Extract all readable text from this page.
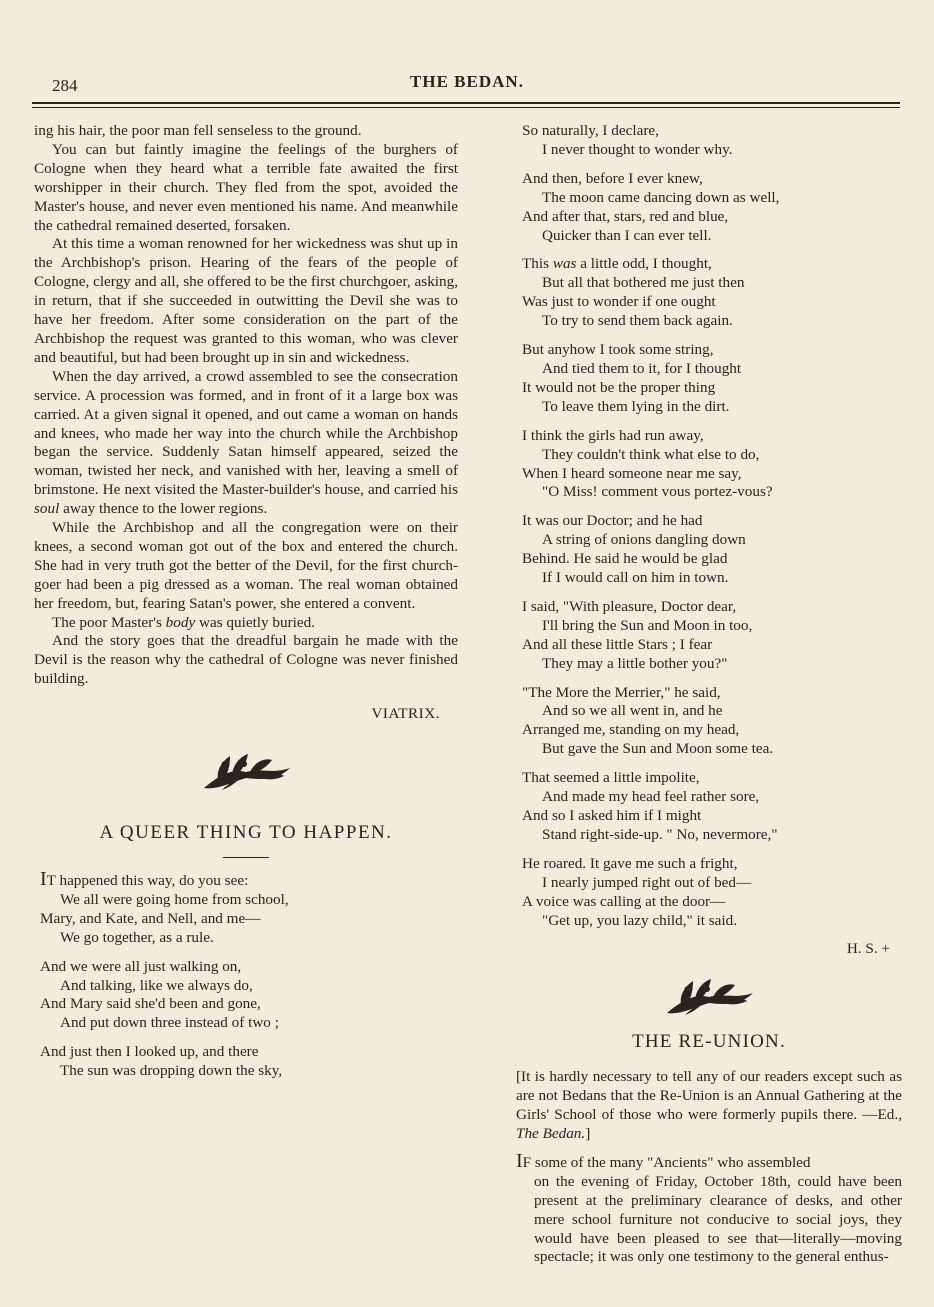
284	THE BEDAN.

ing his hair, the poor man fell senseless to the ground.

You can but faintly imagine the feelings of the burghers of Cologne when they heard what a terrible fate awaited the first worshipper in their church. They fled from the spot, avoided the Master's house, and never even mentioned his name. And meanwhile the cathedral remained deserted, forsaken.

At this time a woman renowned for her wickedness was shut up in the Archbishop's prison. Hearing of the fears of the people of Cologne, clergy and all, she offered to be the first churchgoer, asking, in return, that if she succeeded in outwitting the Devil she was to have her freedom. After some consideration on the part of the Archbishop the request was granted to this woman, who was clever and beautiful, but had been brought up in sin and wickedness.

When the day arrived, a crowd assembled to see the consecration service. A procession was formed, and in front of it a large box was carried. At a given signal it opened, and out came a woman on hands and knees, who made her way into the church while the Archbishop began the service. Suddenly Satan himself appeared, seized the woman, twisted her neck, and vanished with her, leaving a smell of brimstone. He next visited the Master-builder's house, and carried his soul away thence to the lower regions.

While the Archbishop and all the congregation were on their knees, a second woman got out of the box and entered the church. She had in very truth got the better of the Devil, for the first church-goer had been a pig dressed as a woman. The real woman obtained her freedom, but, fearing Satan's power, she entered a convent.

The poor Master's body was quietly buried.

And the story goes that the dreadful bargain he made with the Devil is the reason why the cathedral of Cologne was never finished building.

VIATRIX.
A QUEER THING TO HAPPEN.
IT happened this way, do you see:
We all were going home from school,
Mary, and Kate, and Nell, and me—
We go together, as a rule.
And we were all just walking on,
And talking, like we always do,
And Mary said she'd been and gone,
And put down three instead of two ;
And just then I looked up, and there
The sun was dropping down the sky,
So naturally, I declare,
I never thought to wonder why.
And then, before I ever knew,
The moon came dancing down as well,
And after that, stars, red and blue,
Quicker than I can ever tell.
This was a little odd, I thought,
But all that bothered me just then
Was just to wonder if one ought
To try to send them back again.
But anyhow I took some string,
And tied them to it, for I thought
It would not be the proper thing
To leave them lying in the dirt.
I think the girls had run away,
They couldn't think what else to do,
When I heard someone near me say,
"O Miss! comment vous portez-vous?
It was our Doctor; and he had
A string of onions dangling down
Behind. He said he would be glad
If I would call on him in town.
I said, "With pleasure, Doctor dear,
I'll bring the Sun and Moon in too,
And all these little Stars ; I fear
They may a little bother you?"
"The More the Merrier," he said,
And so we all went in, and he
Arranged me, standing on my head,
But gave the Sun and Moon some tea.
That seemed a little impolite,
And made my head feel rather sore,
And so I asked him if I might
Stand right-side-up. " No, nevermore,"
He roared. It gave me such a fright,
I nearly jumped right out of bed—
A voice was calling at the door—
"Get up, you lazy child," it said.
H. S. +
THE RE-UNION.

[It is hardly necessary to tell any of our readers except such as are not Bedans that the Re-Union is an Annual Gathering at the Girls' School of those who were formerly pupils there. —Ed., The Bedan.]

IF some of the many "Ancients" who assembled

on the evening of Friday, October 18th, could have been present at the preliminary clearance of desks, and other mere school furniture not conducive to social joys, they would have been pleased to see that—literally—moving spectacle; it was only one testimony to the general enthus-
